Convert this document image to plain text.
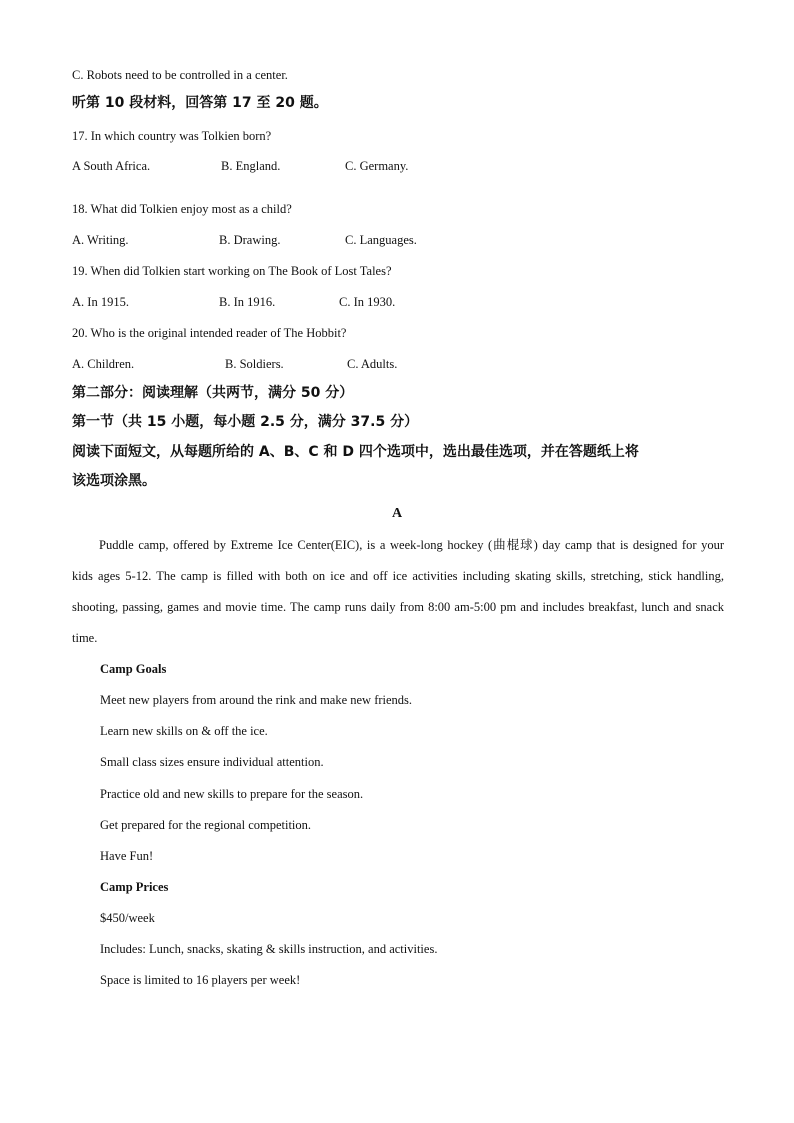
C. Robots need to be controlled in a center.
听第 10 段材料，回答第 17 至 20 题。
17. In which country was Tolkien born?
A South Africa.	B. England.	C. Germany.
18. What did Tolkien enjoy most as a child?
A. Writing.	B. Drawing.	C. Languages.
19. When did Tolkien start working on The Book of Lost Tales?
A. In 1915.	B. In 1916.	C. In 1930.
20. Who is the original intended reader of The Hobbit?
A. Children.	B. Soldiers.	C. Adults.
第二部分：阅读理解（共两节，满分 50 分）
第一节（共 15 小题，每小题 2.5 分，满分 37.5 分）
阅读下面短文，从每题所给的 A、B、C 和 D 四个选项中，选出最佳选项，并在答题纸上将
该选项涂黑。
A
Puddle camp, offered by Extreme Ice Center(EIC), is a week-long hockey (曲棍球) day camp that is designed for your kids ages 5-12. The camp is filled with both on ice and off ice activities including skating skills, stretching, stick handling, shooting, passing, games and movie time. The camp runs daily from 8:00 am-5:00 pm and includes breakfast, lunch and snack time.
Camp Goals
Meet new players from around the rink and make new friends.
Learn new skills on & off the ice.
Small class sizes ensure individual attention.
Practice old and new skills to prepare for the season.
Get prepared for the regional competition.
Have Fun!
Camp Prices
$450/week
Includes: Lunch, snacks, skating & skills instruction, and activities.
Space is limited to 16 players per week!
